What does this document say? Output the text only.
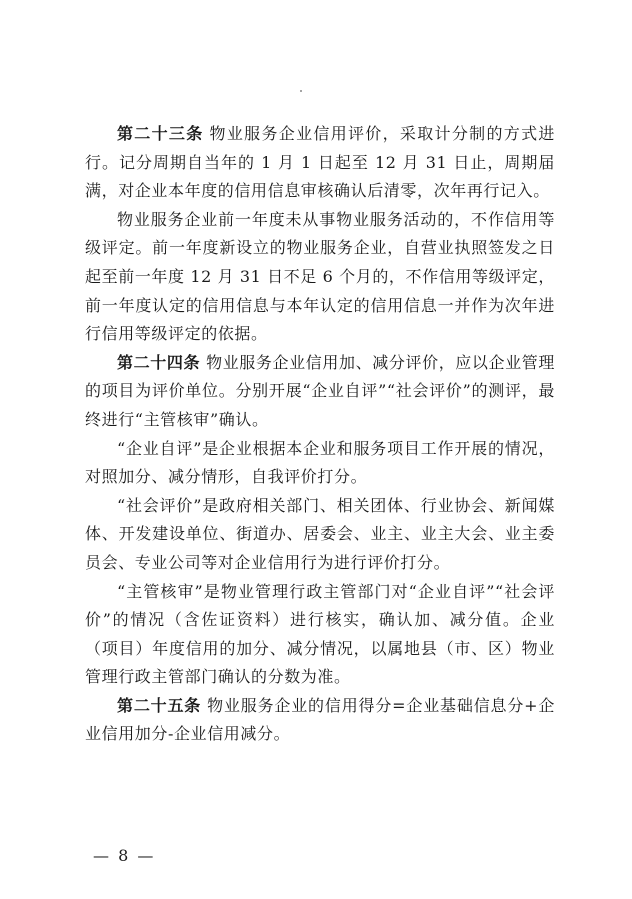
第二十三条 物业服务企业信用评价，采取计分制的方式进行。记分周期自当年的 1 月 1 日起至 12 月 31 日止，周期届满，对企业本年度的信用信息审核确认后清零，次年再行记入。

物业服务企业前一年度未从事物业服务活动的，不作信用等级评定。前一年度新设立的物业服务企业，自营业执照签发之日起至前一年度 12 月 31 日不足 6 个月的，不作信用等级评定，前一年度认定的信用信息与本年认定的信用信息一并作为次年进行信用等级评定的依据。

第二十四条 物业服务企业信用加、减分评价，应以企业管理的项目为评价单位。分别开展“企业自评”“社会评价”的测评，最终进行“主管核审”确认。

“企业自评”是企业根据本企业和服务项目工作开展的情况，对照加分、减分情形，自我评价打分。

“社会评价”是政府相关部门、相关团体、行业协会、新闻媒体、开发建设单位、街道办、居委会、业主、业主大会、业主委员会、专业公司等对企业信用行为进行评价打分。

“主管核审”是物业管理行政主管部门对“企业自评”“社会评价”的情况（含佐证资料）进行核实，确认加、减分值。企业（项目）年度信用的加分、减分情况，以属地县（市、区）物业管理行政主管部门确认的分数为准。

第二十五条 物业服务企业的信用得分=企业基础信息分+企业信用加分-企业信用减分。

— 8 —
